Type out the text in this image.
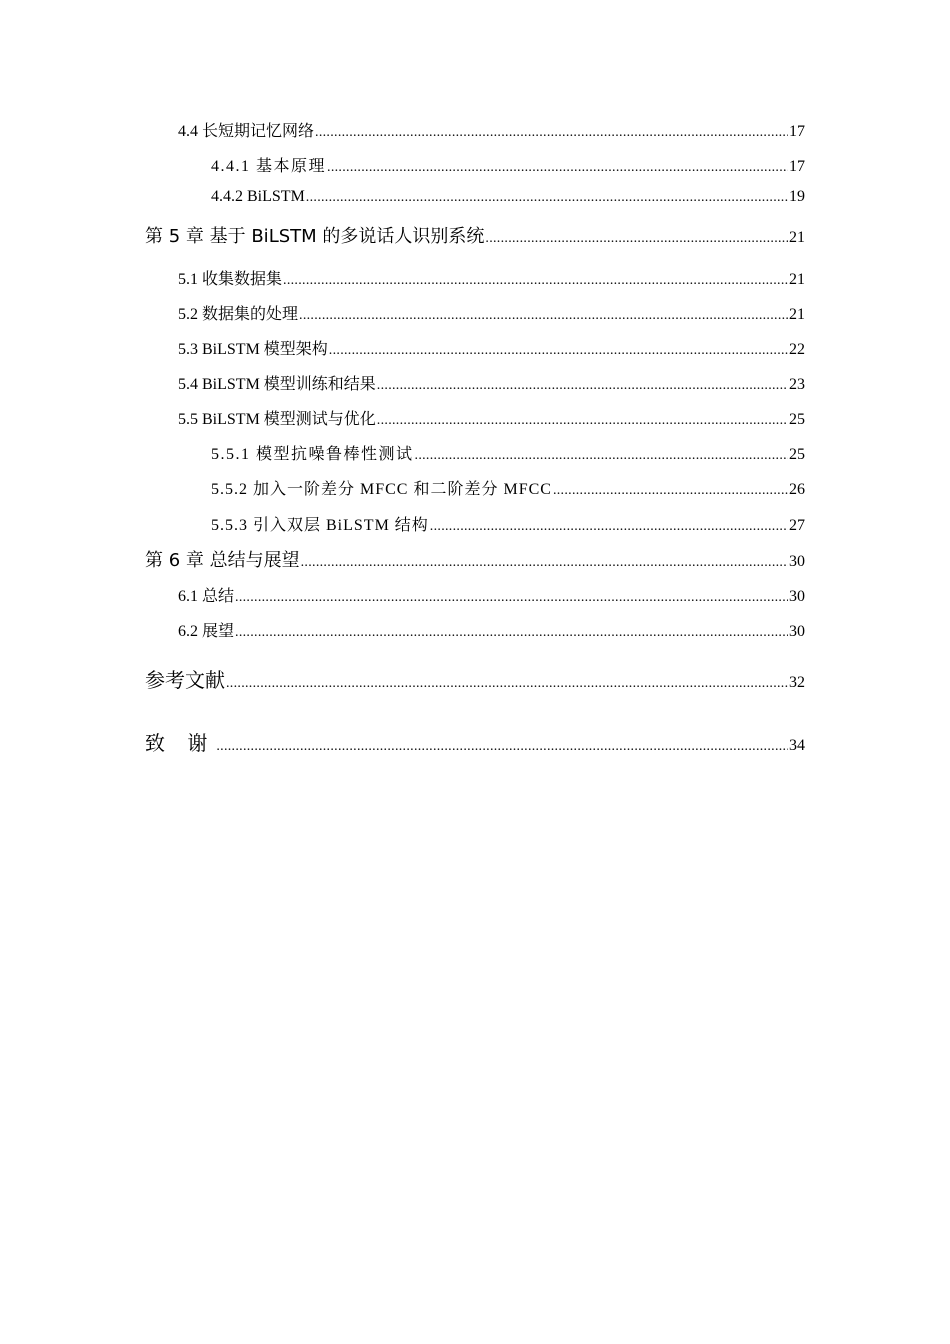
4.4 长短期记忆网络 .....	17
4.4.1 基本原理 .....	17
4.4.2 BiLSTM .....	19
第 5 章 基于 BiLSTM 的多说话人识别系统 .....	21
5.1 收集数据集 .....	21
5.2 数据集的处理 .....	21
5.3 BiLSTM 模型架构 .....	22
5.4 BiLSTM 模型训练和结果 .....	23
5.5 BiLSTM 模型测试与优化 .....	25
5.5.1 模型抗噪鲁棒性测试 .....	25
5.5.2 加入一阶差分 MFCC 和二阶差分 MFCC .....	26
5.5.3 引入双层 BiLSTM 结构 .....	27
第 6 章 总结与展望 .....	30
6.1 总结 .....	30
6.2 展望 .....	30
参考文献 .....	32
致 谢 .....	34
